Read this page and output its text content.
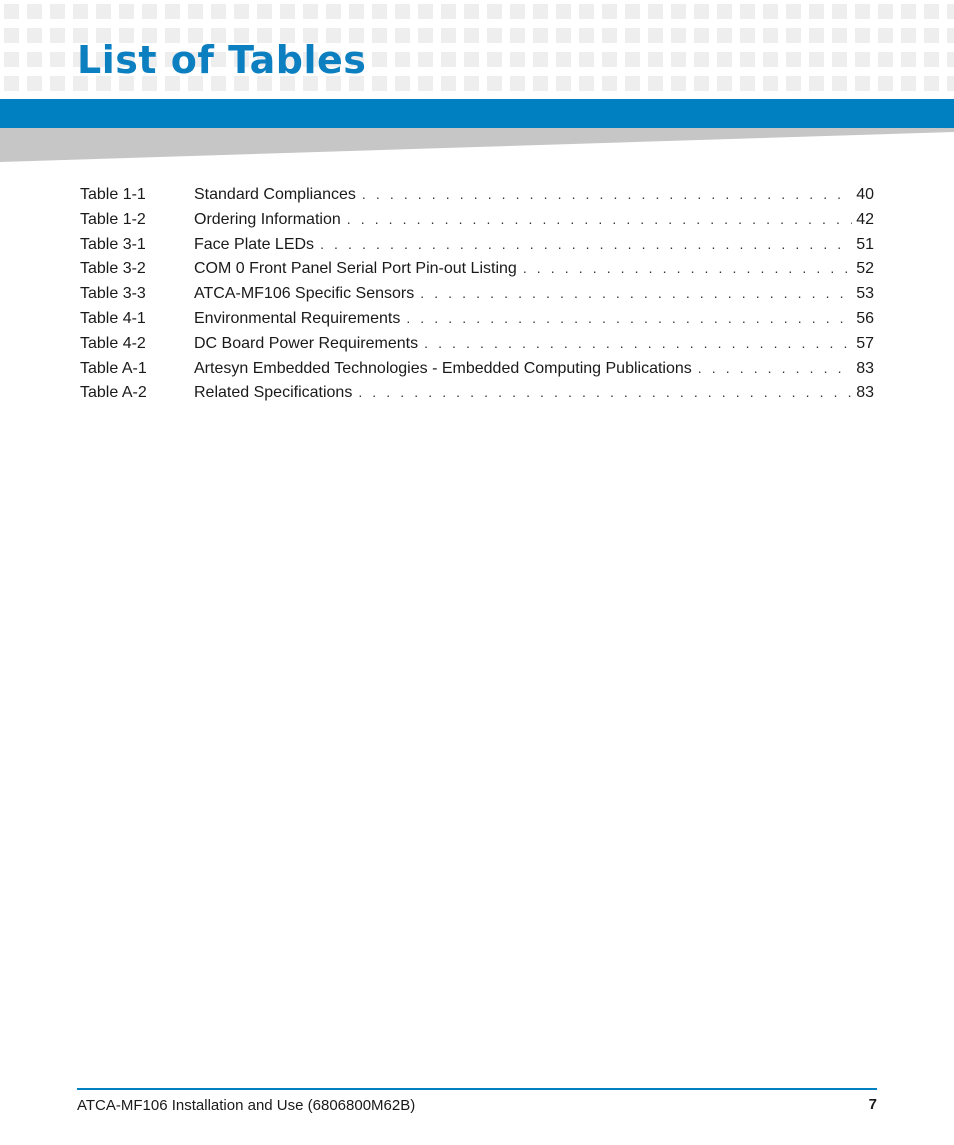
List of Tables
Table 1-1	Standard Compliances . . .	40
Table 1-2	Ordering Information . . .	42
Table 3-1	Face Plate LEDs . . .	51
Table 3-2	COM 0 Front Panel Serial Port Pin-out Listing . . .	52
Table 3-3	ATCA-MF106 Specific Sensors . . .	53
Table 4-1	Environmental Requirements . . .	56
Table 4-2	DC Board Power Requirements . . .	57
Table A-1	Artesyn Embedded Technologies - Embedded Computing Publications . . .	83
Table A-2	Related Specifications . . .	83
ATCA-MF106 Installation and Use (6806800M62B)	7
